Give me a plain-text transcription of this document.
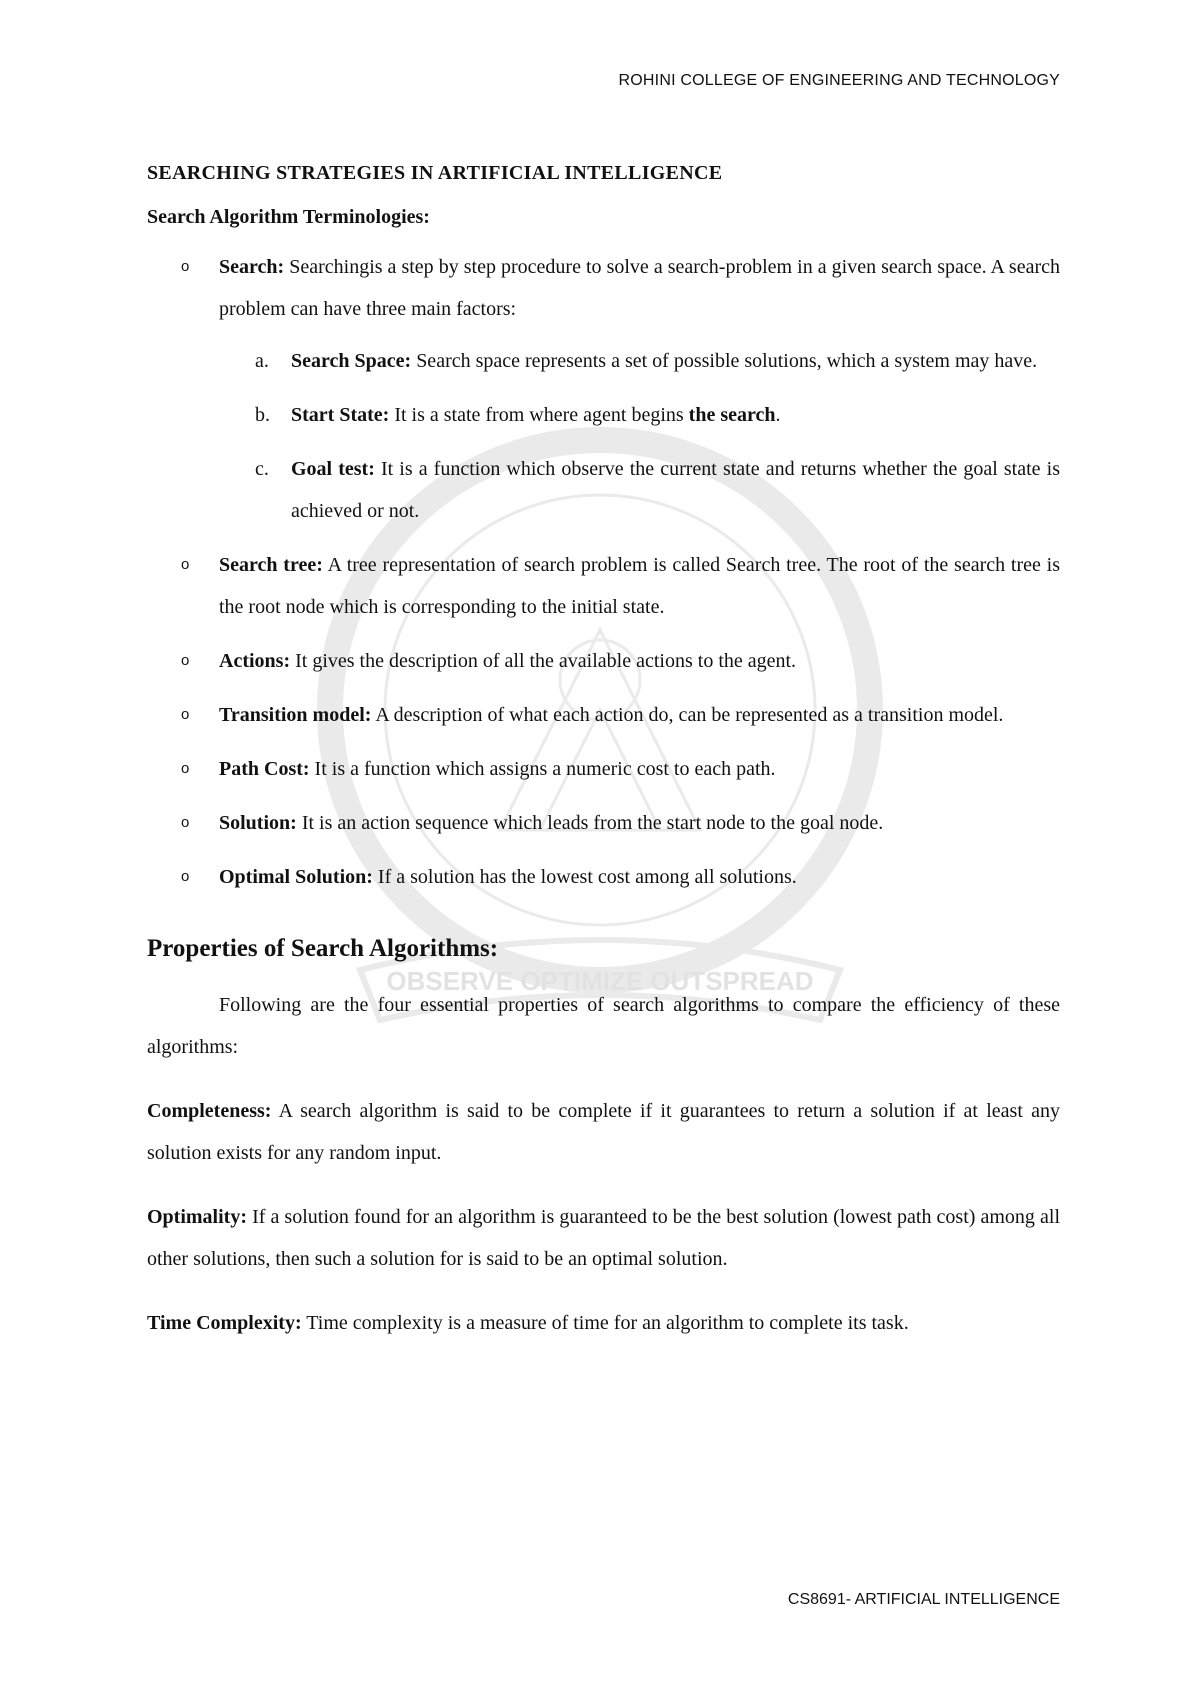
OBSERVE OPTIMIZE OUTSPREAD
ROHINI COLLEGE OF ENGINEERING AND TECHNOLOGY
SEARCHING STRATEGIES IN ARTIFICIAL INTELLIGENCE
Search Algorithm Terminologies:
o Search: Searchingis a step by step procedure to solve a search-problem in a given search space. A search problem can have three main factors:
a. Search Space: Search space represents a set of possible solutions, which a system may have.
b. Start State: It is a state from where agent begins the search.
c. Goal test: It is a function which observe the current state and returns whether the goal state is achieved or not.
o Search tree: A tree representation of search problem is called Search tree. The root of the search tree is the root node which is corresponding to the initial state.
o Actions: It gives the description of all the available actions to the agent.
o Transition model: A description of what each action do, can be represented as a transition model.
o Path Cost: It is a function which assigns a numeric cost to each path.
o Solution: It is an action sequence which leads from the start node to the goal node.
o Optimal Solution: If a solution has the lowest cost among all solutions.
Properties of Search Algorithms:

Following are the four essential properties of search algorithms to compare the efficiency of these algorithms:

Completeness: A search algorithm is said to be complete if it guarantees to return a solution if at least any solution exists for any random input.

Optimality: If a solution found for an algorithm is guaranteed to be the best solution (lowest path cost) among all other solutions, then such a solution for is said to be an optimal solution.

Time Complexity: Time complexity is a measure of time for an algorithm to complete its task.

CS8691- ARTIFICIAL INTELLIGENCE
